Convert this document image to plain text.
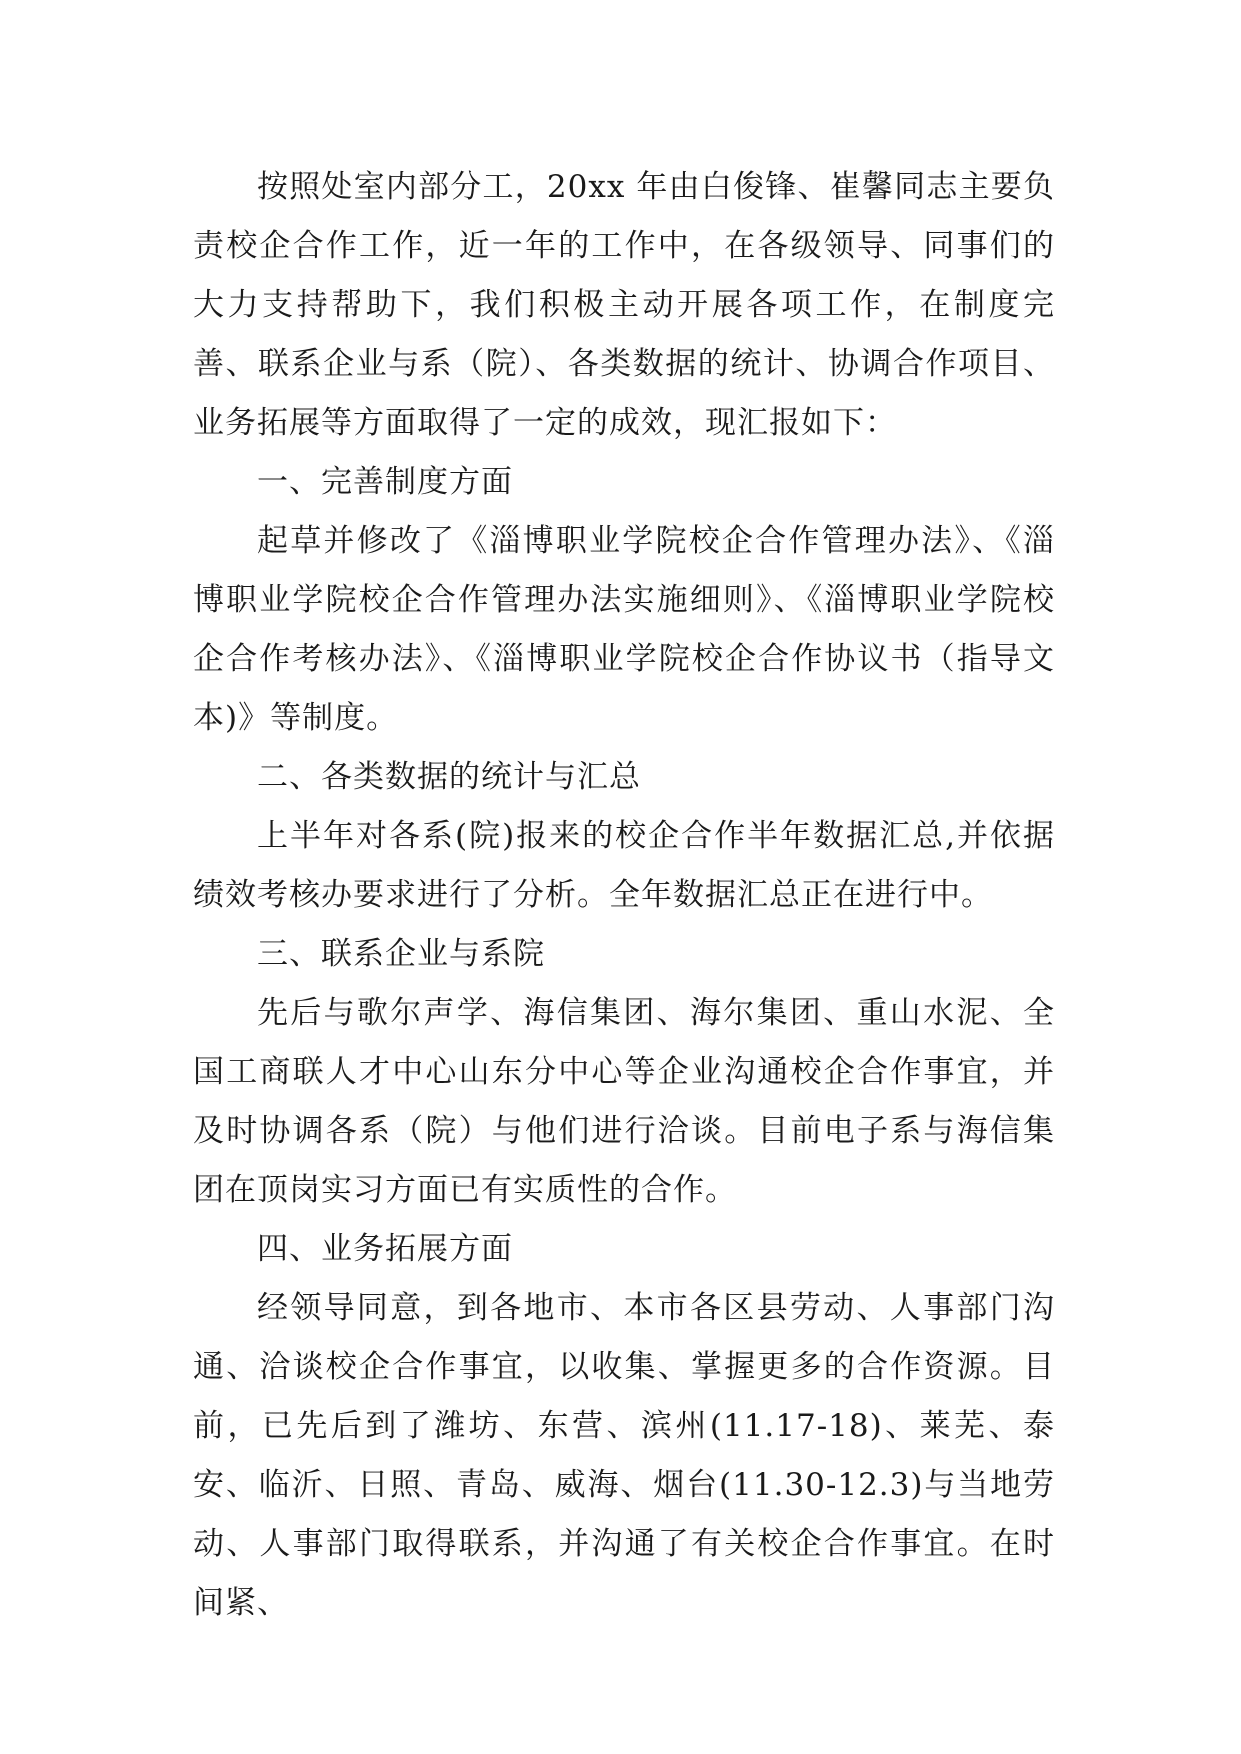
按照处室内部分工，20xx 年由白俊锋、崔馨同志主要负责校企合作工作，近一年的工作中，在各级领导、同事们的大力支持帮助下，我们积极主动开展各项工作，在制度完善、联系企业与系（院）、各类数据的统计、协调合作项目、业务拓展等方面取得了一定的成效，现汇报如下：

一、完善制度方面

起草并修改了《淄博职业学院校企合作管理办法》、《淄博职业学院校企合作管理办法实施细则》、《淄博职业学院校企合作考核办法》、《淄博职业学院校企合作协议书（指导文本)》等制度。

二、各类数据的统计与汇总

上半年对各系(院)报来的校企合作半年数据汇总,并依据绩效考核办要求进行了分析。全年数据汇总正在进行中。

三、联系企业与系院

先后与歌尔声学、海信集团、海尔集团、重山水泥、全国工商联人才中心山东分中心等企业沟通校企合作事宜，并及时协调各系（院）与他们进行洽谈。目前电子系与海信集团在顶岗实习方面已有实质性的合作。

四、业务拓展方面

经领导同意，到各地市、本市各区县劳动、人事部门沟通、洽谈校企合作事宜，以收集、掌握更多的合作资源。目前，已先后到了潍坊、东营、滨州(11.17-18)、莱芜、泰安、临沂、日照、青岛、威海、烟台(11.30-12.3)与当地劳动、人事部门取得联系，并沟通了有关校企合作事宜。在时间紧、
